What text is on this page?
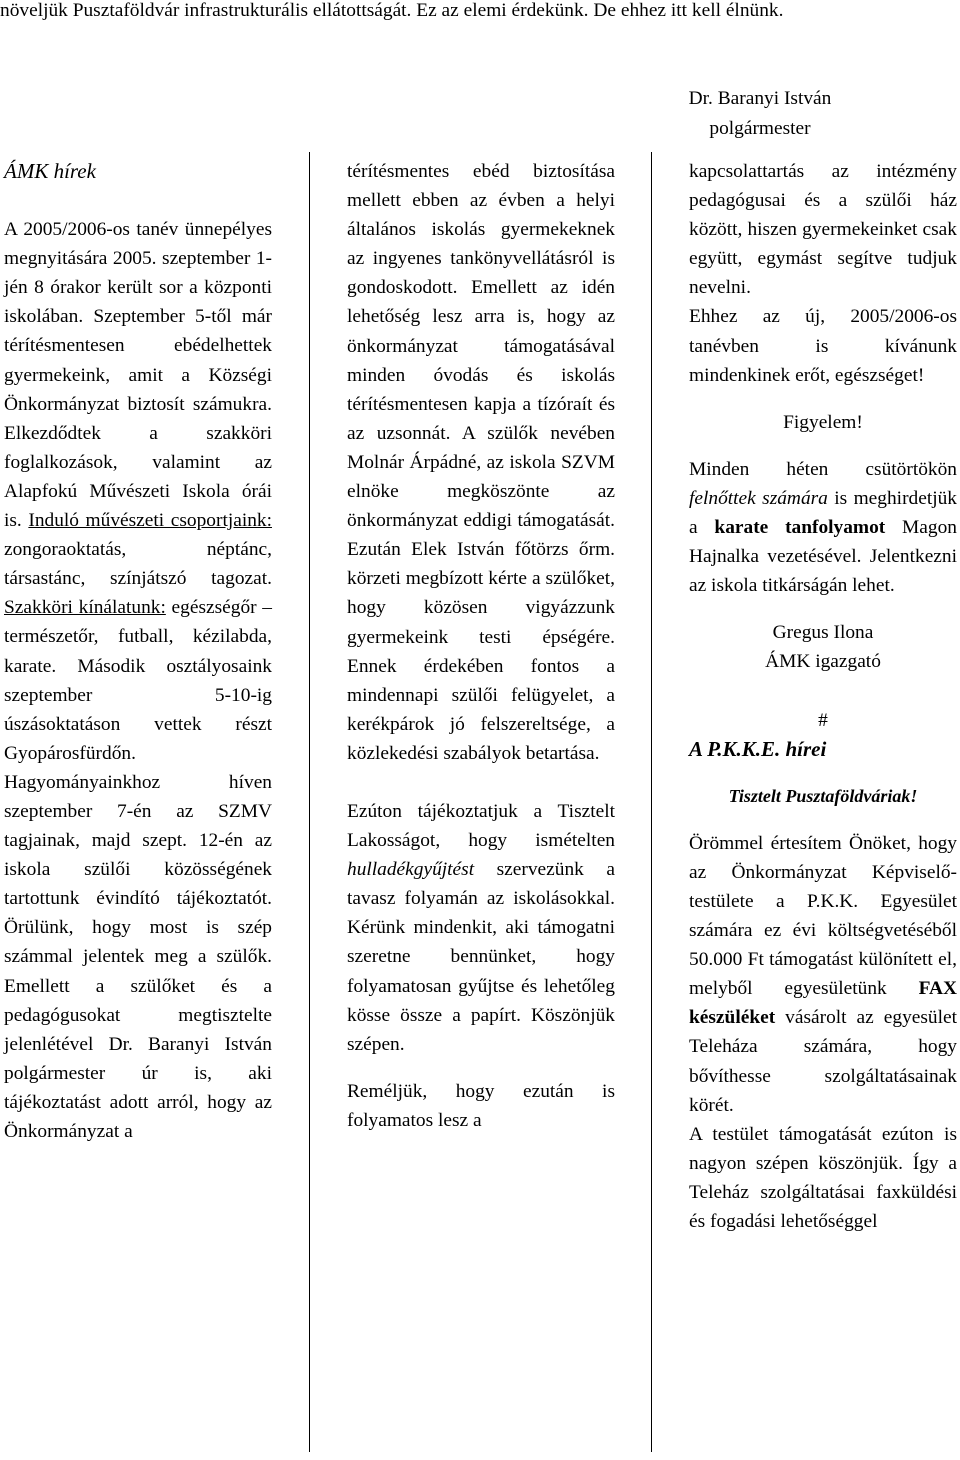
növeljük Pusztaföldvár infrastrukturális ellátottságát. Ez az elemi érdekünk. De ehhez itt kell élnünk.
Dr. Baranyi István
polgármester
ÁMK hírek

A 2005/2006-os tanév ünnepélyes megnyitására 2005. szeptember 1-jén 8 órakor került sor a központi iskolában. Szeptember 5-től már térítésmentesen ebédelhettek gyermekeink, amit a Községi Önkormányzat biztosít számukra. Elkezdődtek a szakköri foglalkozások, valamint az Alapfokú Művészeti Iskola órái is. Induló művészeti csoportjaink: zongoraoktatás, néptánc, társastánc, színjátszó tagozat. Szakköri kínálatunk: egészségőr – természetőr, futball, kézilabda, karate. Második osztályosaink szeptember 5-10-ig úszásoktatáson vettek részt Gyopárosfürdőn. Hagyományainkhoz híven szeptember 7-én az SZMV tagjainak, majd szept. 12-én az iskola szülői közösségének tartottunk évindító tájékoztatót. Örülünk, hogy most is szép számmal jelentek meg a szülők. Emellett a szülőket és a pedagógusokat megtisztelte jelenlétével Dr. Baranyi István polgármester úr is, aki tájékoztatást adott arról, hogy az Önkormányzat a

térítésmentes ebéd biztosítása mellett ebben az évben a helyi általános iskolás gyermekeknek az ingyenes tankönyvellátásról is gondoskodott. Emellett az idén lehetőség lesz arra is, hogy az önkormányzat támogatásával minden óvodás és iskolás térítésmentesen kapja a tízóraít és az uzsonnát. A szülők nevében Molnár Árpádné, az iskola SZVM elnöke megköszönte az önkormányzat eddigi támogatását. Ezután Elek István főtörzs őrm. körzeti megbízott kérte a szülőket, hogy közösen vigyázzunk gyermekeink testi épségére. Ennek érdekében fontos a mindennapi szülői felügyelet, a kerékpárok jó felszereltsége, a közlekedési szabályok betartása.

Ezúton tájékoztatjuk a Tisztelt Lakosságot, hogy ismételten hulladékgyűjtést szervezünk a tavasz folyamán az iskolásokkal. Kérünk mindenkit, aki támogatni szeretne bennünket, hogy folyamatosan gyűjtse és lehetőleg kösse össze a papírt. Köszönjük szépen.

Reméljük, hogy ezután is folyamatos lesz a

kapcsolattartás az intézmény pedagógusai és a szülői ház között, hiszen gyermekeinket csak együtt, egymást segítve tudjuk nevelni.

Ehhez az új, 2005/2006-os tanévben is kívánunk mindenkinek erőt, egészséget!

Figyelem!

Minden héten csütörtökön felnőttek számára is meghirdetjük a karate tanfolyamot Magon Hajnalka vezetésével. Jelentkezni az iskola titkárságán lehet.

Gregus Ilona
ÁMK igazgató
#
A P.K.K.E. hírei
Tisztelt Pusztaföldváriak!

Örömmel értesítem Önöket, hogy az Önkormányzat Képviselő-testülete a P.K.K. Egyesület számára ez évi költségvetéséből 50.000 Ft támogatást különített el, melyből egyesületünk FAX készüléket vásárolt az egyesület Teleháza számára, hogy bővíthesse szolgáltatásainak körét.

A testület támogatását ezúton is nagyon szépen köszönjük. Így a Teleház szolgáltatásai faxküldési és fogadási lehetőséggel
